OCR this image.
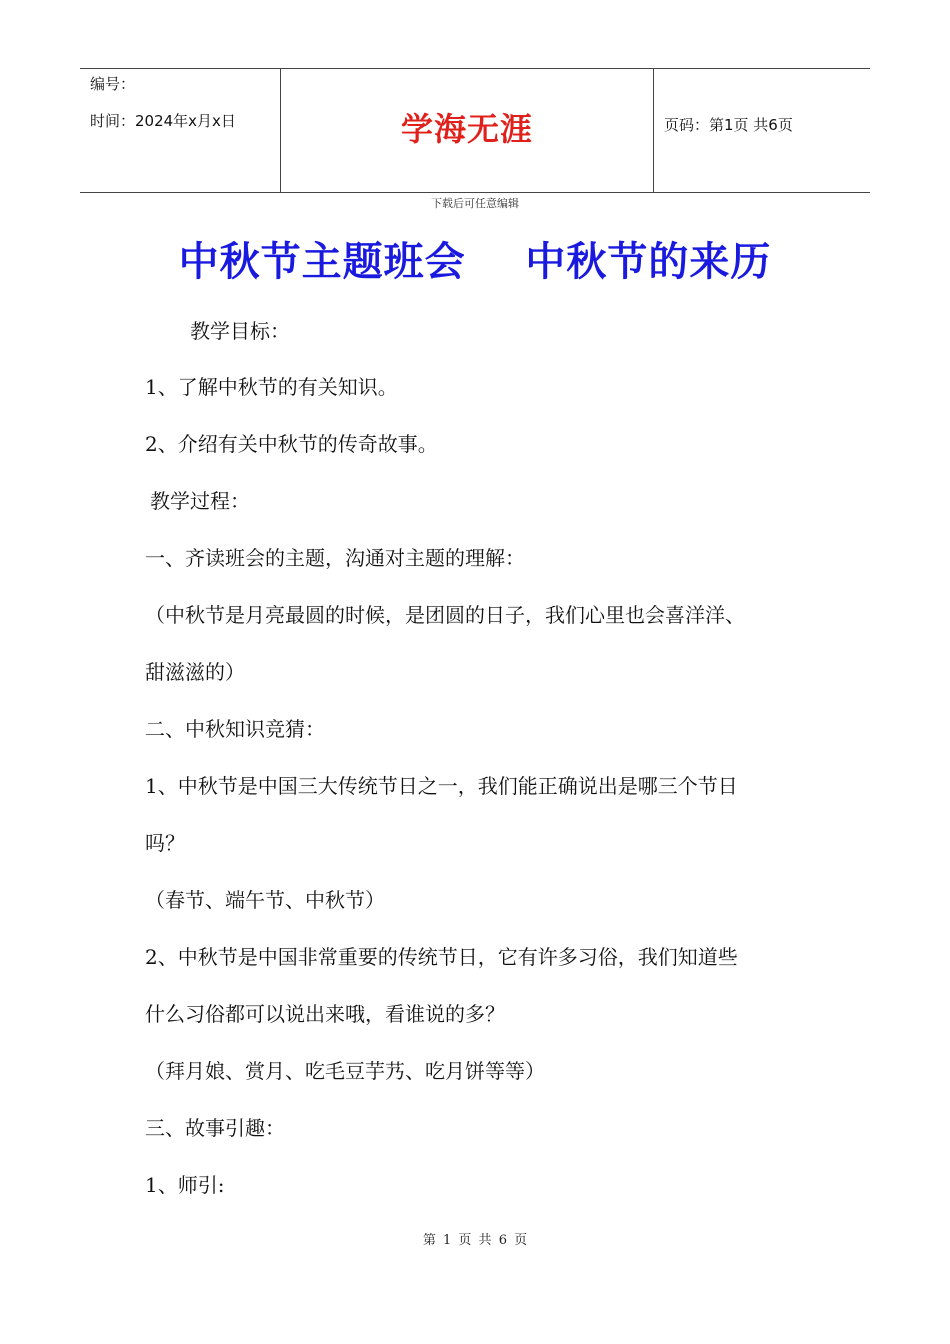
编号：
时间：2024年x月x日	学海无涯	页码：第1页 共6页
下载后可任意编辑
中秋节主题班会    中秋节的来历
教学目标：
1、了解中秋节的有关知识。
2、介绍有关中秋节的传奇故事。
教学过程：
一、齐读班会的主题，沟通对主题的理解：
（中秋节是月亮最圆的时候，是团圆的日子，我们心里也会喜洋洋、
甜滋滋的）
二、中秋知识竞猜：
1、中秋节是中国三大传统节日之一，我们能正确说出是哪三个节日
吗？
（春节、端午节、中秋节）
2、中秋节是中国非常重要的传统节日，它有许多习俗，我们知道些
什么习俗都可以说出来哦，看谁说的多？
（拜月娘、赏月、吃毛豆芋艿、吃月饼等等）
三、故事引趣：
1、师引:
第 1 页 共 6 页
